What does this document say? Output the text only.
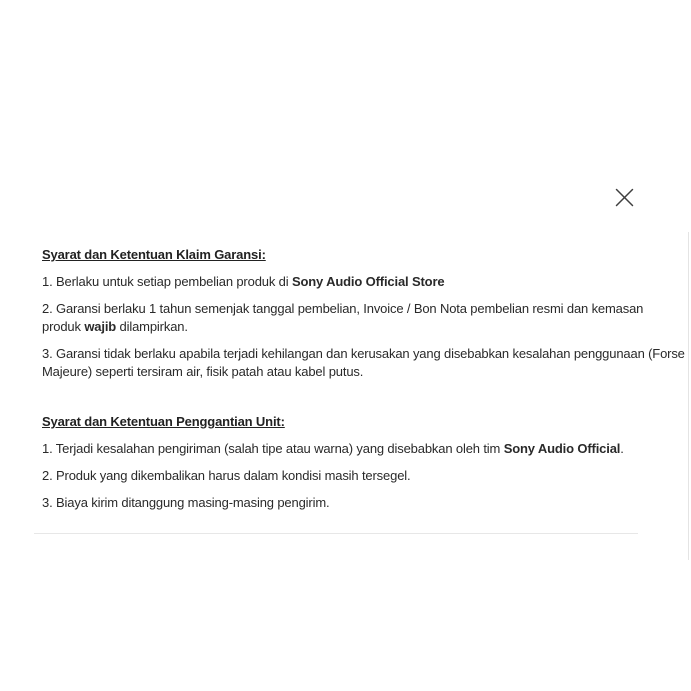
Syarat dan Ketentuan Klaim Garansi:
1. Berlaku untuk setiap pembelian produk di Sony Audio Official Store
2. Garansi berlaku 1 tahun semenjak tanggal pembelian, Invoice / Bon Nota pembelian resmi dan kemasan
produk wajib dilampirkan.
3. Garansi tidak berlaku apabila terjadi kehilangan dan kerusakan yang disebabkan kesalahan penggunaan (Forse
Majeure) seperti tersiram air, fisik patah atau kabel putus.
Syarat dan Ketentuan Penggantian Unit:
1. Terjadi kesalahan pengiriman (salah tipe atau warna) yang disebabkan oleh tim Sony Audio Official.
2. Produk yang dikembalikan harus dalam kondisi masih tersegel.
3. Biaya kirim ditanggung masing-masing pengirim.
